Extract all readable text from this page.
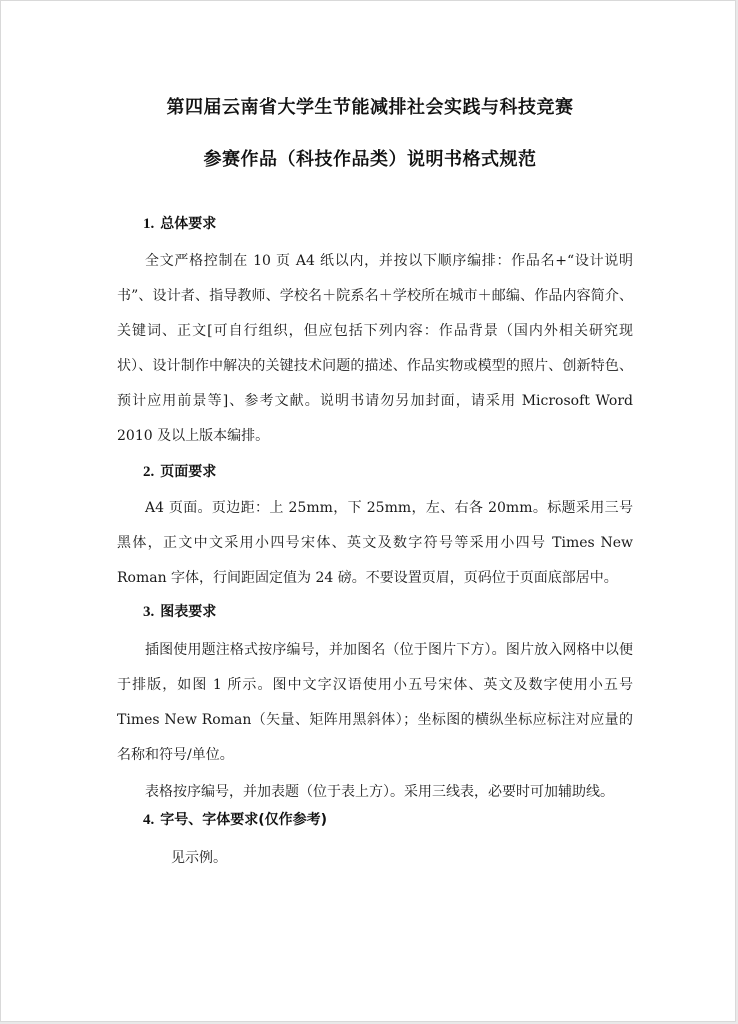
第四届云南省大学生节能减排社会实践与科技竞赛
参赛作品（科技作品类）说明书格式规范
1. 总体要求

全文严格控制在 10 页 A4 纸以内，并按以下顺序编排：作品名+“设计说明书”、设计者、指导教师、学校名＋院系名＋学校所在城市＋邮编、作品内容简介、关键词、正文[可自行组织，但应包括下列内容：作品背景（国内外相关研究现状）、设计制作中解决的关键技术问题的描述、作品实物或模型的照片、创新特色、预计应用前景等]、参考文献。说明书请勿另加封面，请采用 Microsoft Word 2010 及以上版本编排。

2. 页面要求

A4 页面。页边距：上 25mm，下 25mm，左、右各 20mm。标题采用三号黑体，正文中文采用小四号宋体、英文及数字符号等采用小四号 Times New Roman 字体，行间距固定值为 24 磅。不要设置页眉，页码位于页面底部居中。

3. 图表要求

插图使用题注格式按序编号，并加图名（位于图片下方）。图片放入网格中以便于排版，如图 1 所示。图中文字汉语使用小五号宋体、英文及数字使用小五号 Times New Roman（矢量、矩阵用黑斜体）；坐标图的横纵坐标应标注对应量的名称和符号/单位。

表格按序编号，并加表题（位于表上方）。采用三线表，必要时可加辅助线。

4. 字号、字体要求(仅作参考)

见示例。
